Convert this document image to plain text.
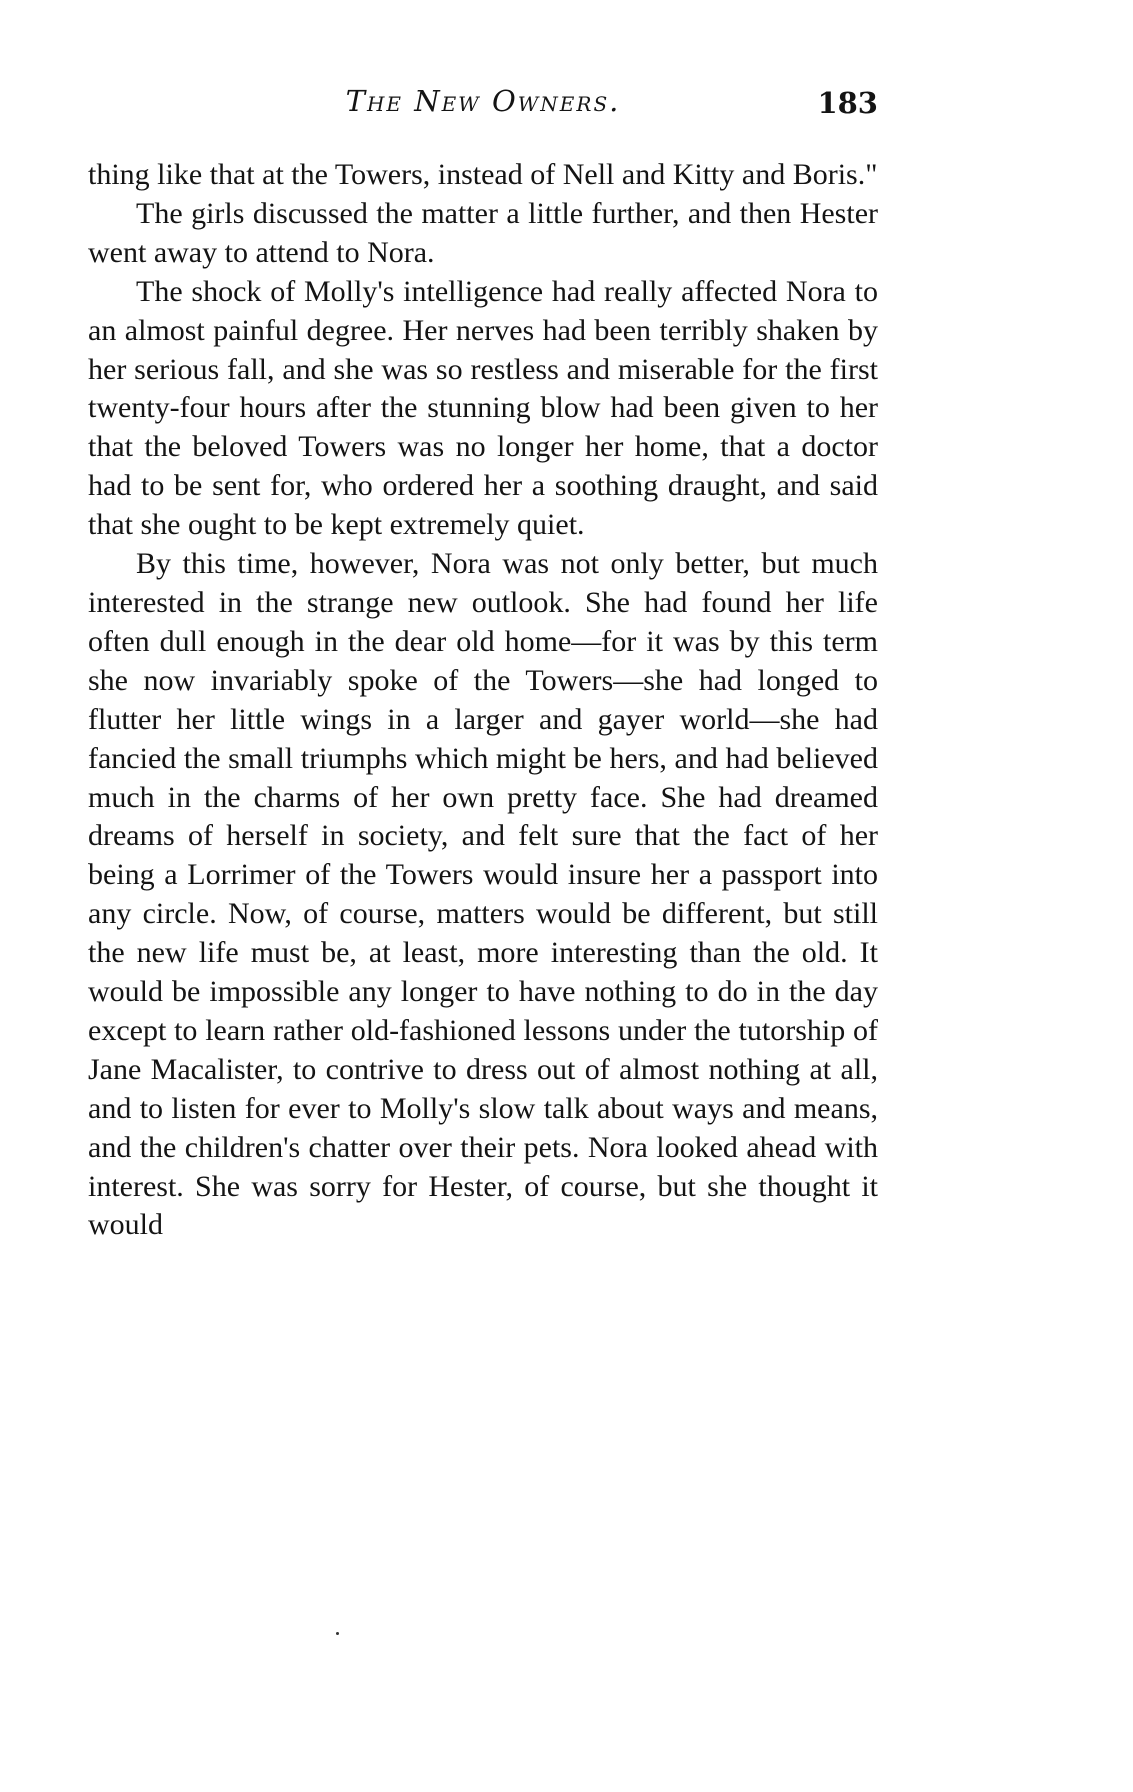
The New Owners.	183

thing like that at the Towers, instead of Nell and Kitty and Boris."

The girls discussed the matter a little further, and then Hester went away to attend to Nora.

The shock of Molly's intelligence had really affected Nora to an almost painful degree. Her nerves had been terribly shaken by her serious fall, and she was so restless and miserable for the first twenty-four hours after the stunning blow had been given to her that the beloved Towers was no longer her home, that a doctor had to be sent for, who ordered her a soothing draught, and said that she ought to be kept extremely quiet.

By this time, however, Nora was not only better, but much interested in the strange new outlook. She had found her life often dull enough in the dear old home—for it was by this term she now invariably spoke of the Towers—she had longed to flutter her little wings in a larger and gayer world—she had fancied the small triumphs which might be hers, and had believed much in the charms of her own pretty face. She had dreamed dreams of herself in society, and felt sure that the fact of her being a Lorrimer of the Towers would insure her a passport into any circle. Now, of course, matters would be different, but still the new life must be, at least, more interesting than the old. It would be impossible any longer to have nothing to do in the day except to learn rather old-fashioned lessons under the tutorship of Jane Macalister, to contrive to dress out of almost nothing at all, and to listen for ever to Molly's slow talk about ways and means, and the children's chatter over their pets. Nora looked ahead with interest. She was sorry for Hester, of course, but she thought it would
